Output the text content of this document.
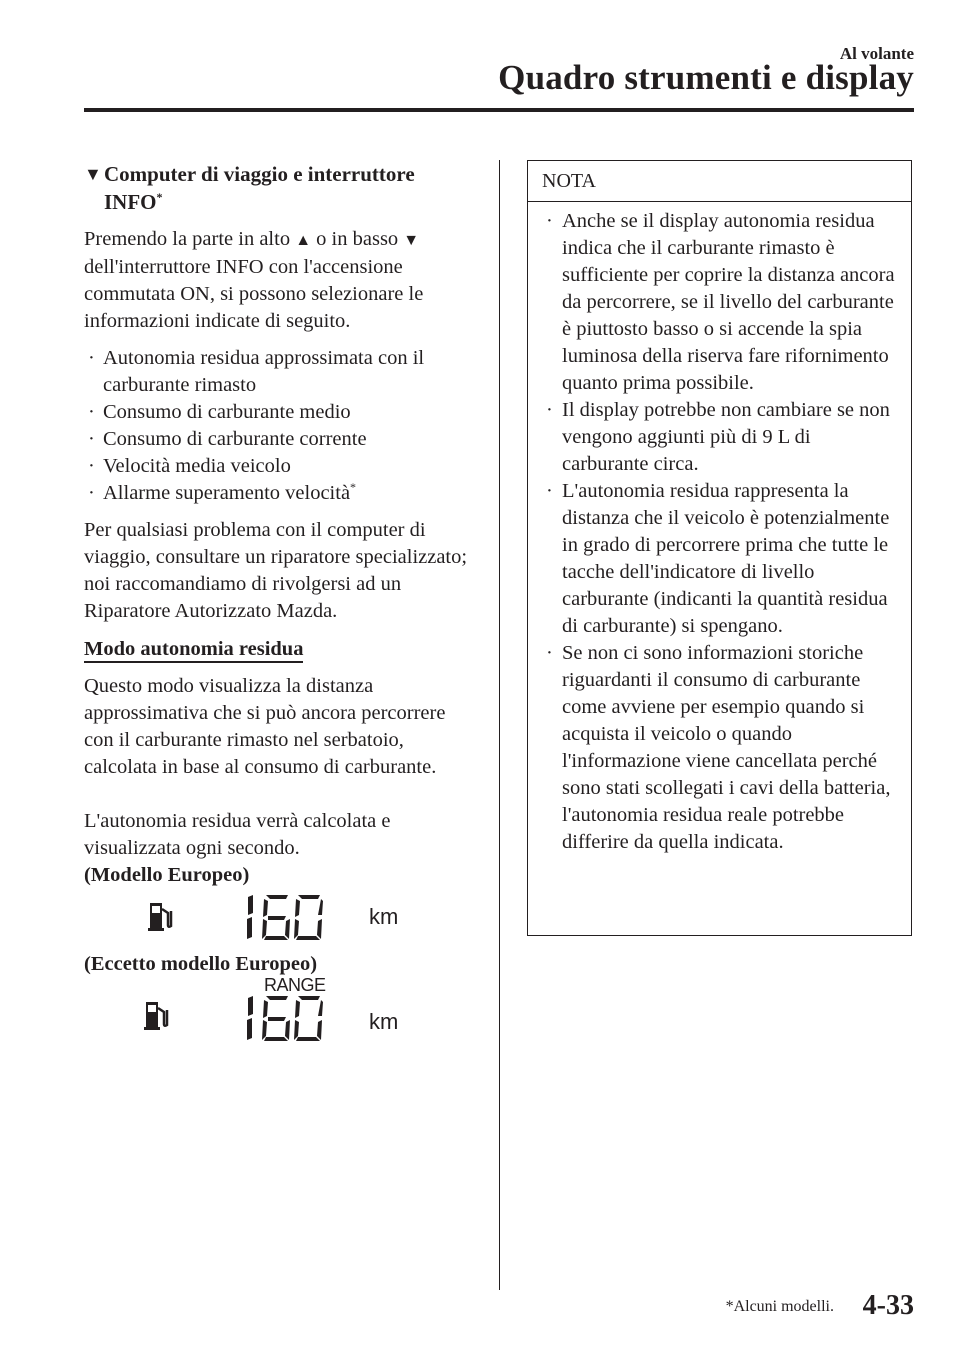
Al volante
Quadro strumenti e display
▼ Computer di viaggio e interruttore INFO*

Premendo la parte in alto ▲ o in basso ▼ dell'interruttore INFO con l'accensione commutata ON, si possono selezionare le informazioni indicate di seguito.

· Autonomia residua approssimata con il carburante rimasto
· Consumo di carburante medio
· Consumo di carburante corrente
· Velocità media veicolo
· Allarme superamento velocità*

Per qualsiasi problema con il computer di viaggio, consultare un riparatore specializzato; noi raccomandiamo di rivolgersi ad un Riparatore Autorizzato Mazda.

Modo autonomia residua

Questo modo visualizza la distanza approssimativa che si può ancora percorrere con il carburante rimasto nel serbatoio, calcolata in base al consumo di carburante.

L'autonomia residua verrà calcolata e visualizzata ogni secondo.

(Modello Europeo)
km
(Eccetto modello Europeo)
RANGE
km
NOTA
· Anche se il display autonomia residua indica che il carburante rimasto è sufficiente per coprire la distanza ancora da percorrere, se il livello del carburante è piuttosto basso o si accende la spia luminosa della riserva fare rifornimento quanto prima possibile.
· Il display potrebbe non cambiare se non vengono aggiunti più di 9 L di carburante circa.
· L'autonomia residua rappresenta la distanza che il veicolo è potenzialmente in grado di percorrere prima che tutte le tacche dell'indicatore di livello carburante (indicanti la quantità residua di carburante) si spengano.
· Se non ci sono informazioni storiche riguardanti il consumo di carburante come avviene per esempio quando si acquista il veicolo o quando l'informazione viene cancellata perché sono stati scollegati i cavi della batteria, l'autonomia residua reale potrebbe differire da quella indicata.
*Alcuni modelli. 4-33
